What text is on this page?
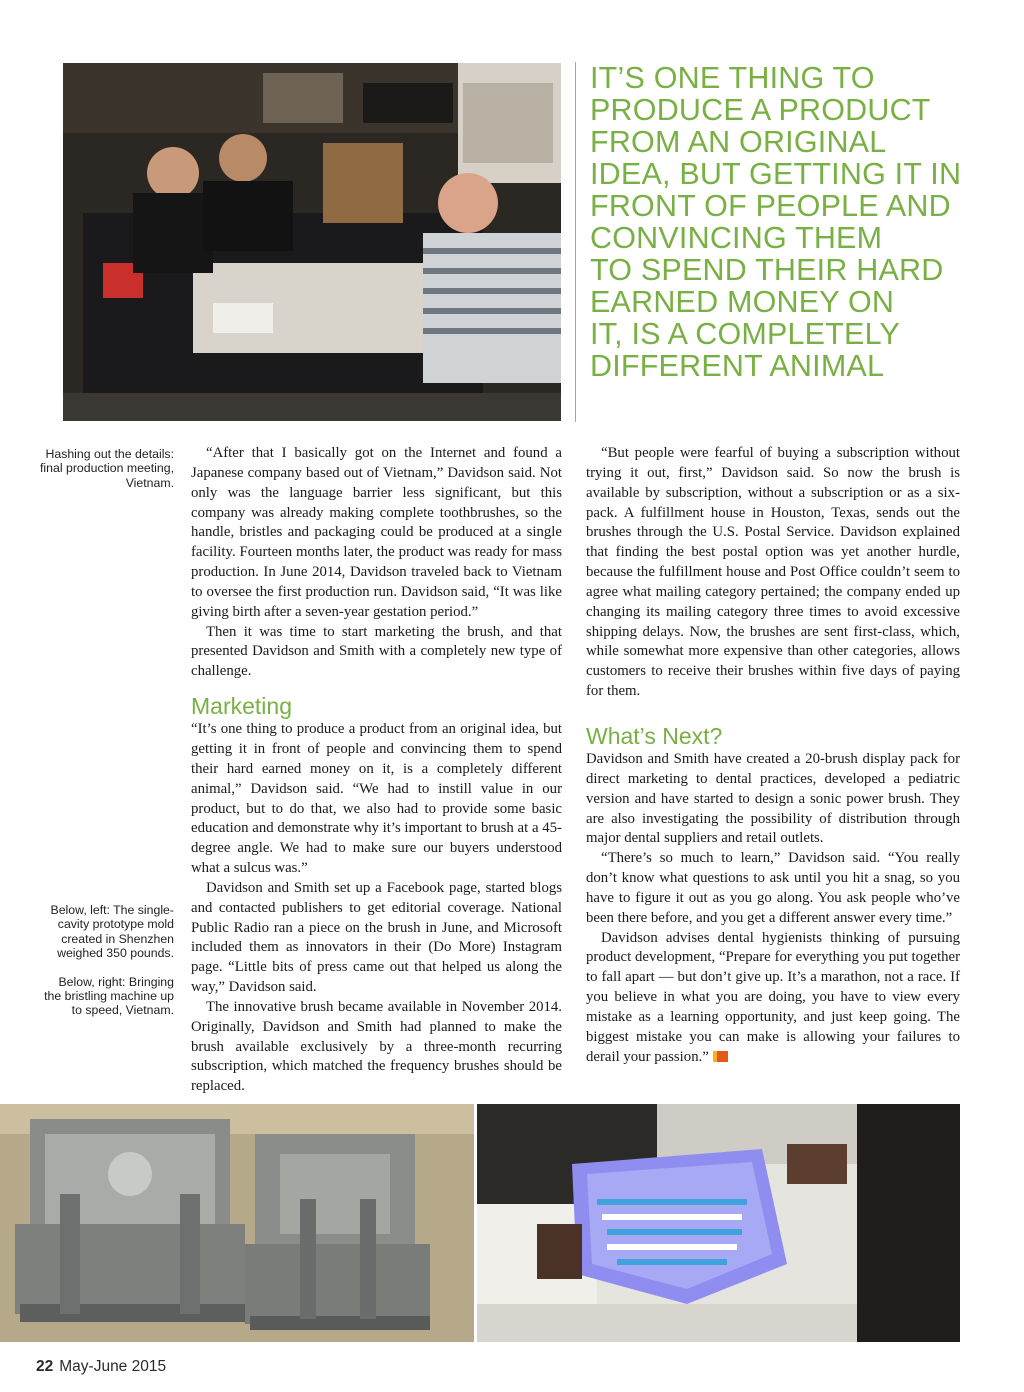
IT’S ONE THING TO
PRODUCE A PRODUCT
FROM AN ORIGINAL
IDEA, BUT GETTING IT IN
FRONT OF PEOPLE AND
CONVINCING THEM
TO SPEND THEIR HARD
EARNED MONEY ON
IT, IS A COMPLETELY
DIFFERENT ANIMAL

Hashing out the details: final production meeting, Vietnam.

Below, left: The single-cavity prototype mold created in Shenzhen weighed 350 pounds.

Below, right: Bringing the bristling machine up to speed, Vietnam.

“After that I basically got on the Internet and found a Japanese company based out of Vietnam,” Davidson said. Not only was the language barrier less significant, but this company was already making complete toothbrushes, so the handle, bristles and packaging could be produced at a single facility. Fourteen months later, the product was ready for mass production. In June 2014, Davidson traveled back to Vietnam to oversee the first production run. Davidson said, “It was like giving birth after a seven-year gestation period.”

Then it was time to start marketing the brush, and that presented Davidson and Smith with a completely new type of challenge.

Marketing

“It’s one thing to produce a product from an original idea, but getting it in front of people and convincing them to spend their hard earned money on it, is a completely different animal,” Davidson said. “We had to instill value in our product, but to do that, we also had to provide some basic education and demonstrate why it’s important to brush at a 45-degree angle. We had to make sure our buyers understood what a sulcus was.”

Davidson and Smith set up a Facebook page, started blogs and contacted publishers to get editorial coverage. National Public Radio ran a piece on the brush in June, and Microsoft included them as innovators in their (Do More) Instagram page. “Little bits of press came out that helped us along the way,” Davidson said.

The innovative brush became available in November 2014. Originally, Davidson and Smith had planned to make the brush available exclusively by a three-month recurring subscription, which matched the frequency brushes should be replaced.

“But people were fearful of buying a subscription without trying it out, first,” Davidson said. So now the brush is available by subscription, without a subscription or as a six-pack. A fulfillment house in Houston, Texas, sends out the brushes through the U.S. Postal Service. Davidson explained that finding the best postal option was yet another hurdle, because the fulfillment house and Post Office couldn’t seem to agree what mailing category pertained; the company ended up changing its mailing category three times to avoid excessive shipping delays. Now, the brushes are sent first-class, which, while somewhat more expensive than other categories, allows customers to receive their brushes within five days of paying for them.

What’s Next?

Davidson and Smith have created a 20-brush display pack for direct marketing to dental practices, developed a pediatric version and have started to design a sonic power brush. They are also investigating the possibility of distribution through major dental suppliers and retail outlets.

“There’s so much to learn,” Davidson said. “You really don’t know what questions to ask until you hit a snag, so you have to figure it out as you go along. You ask people who’ve been there before, and you get a different answer every time.”

Davidson advises dental hygienists thinking of pursuing product development, “Prepare for everything you put together to fall apart — but don’t give up. It’s a marathon, not a race. If you believe in what you are doing, you have to view every mistake as a learning opportunity, and just keep going. The biggest mistake you can make is allowing your failures to derail your passion.”

22 May-June 2015
